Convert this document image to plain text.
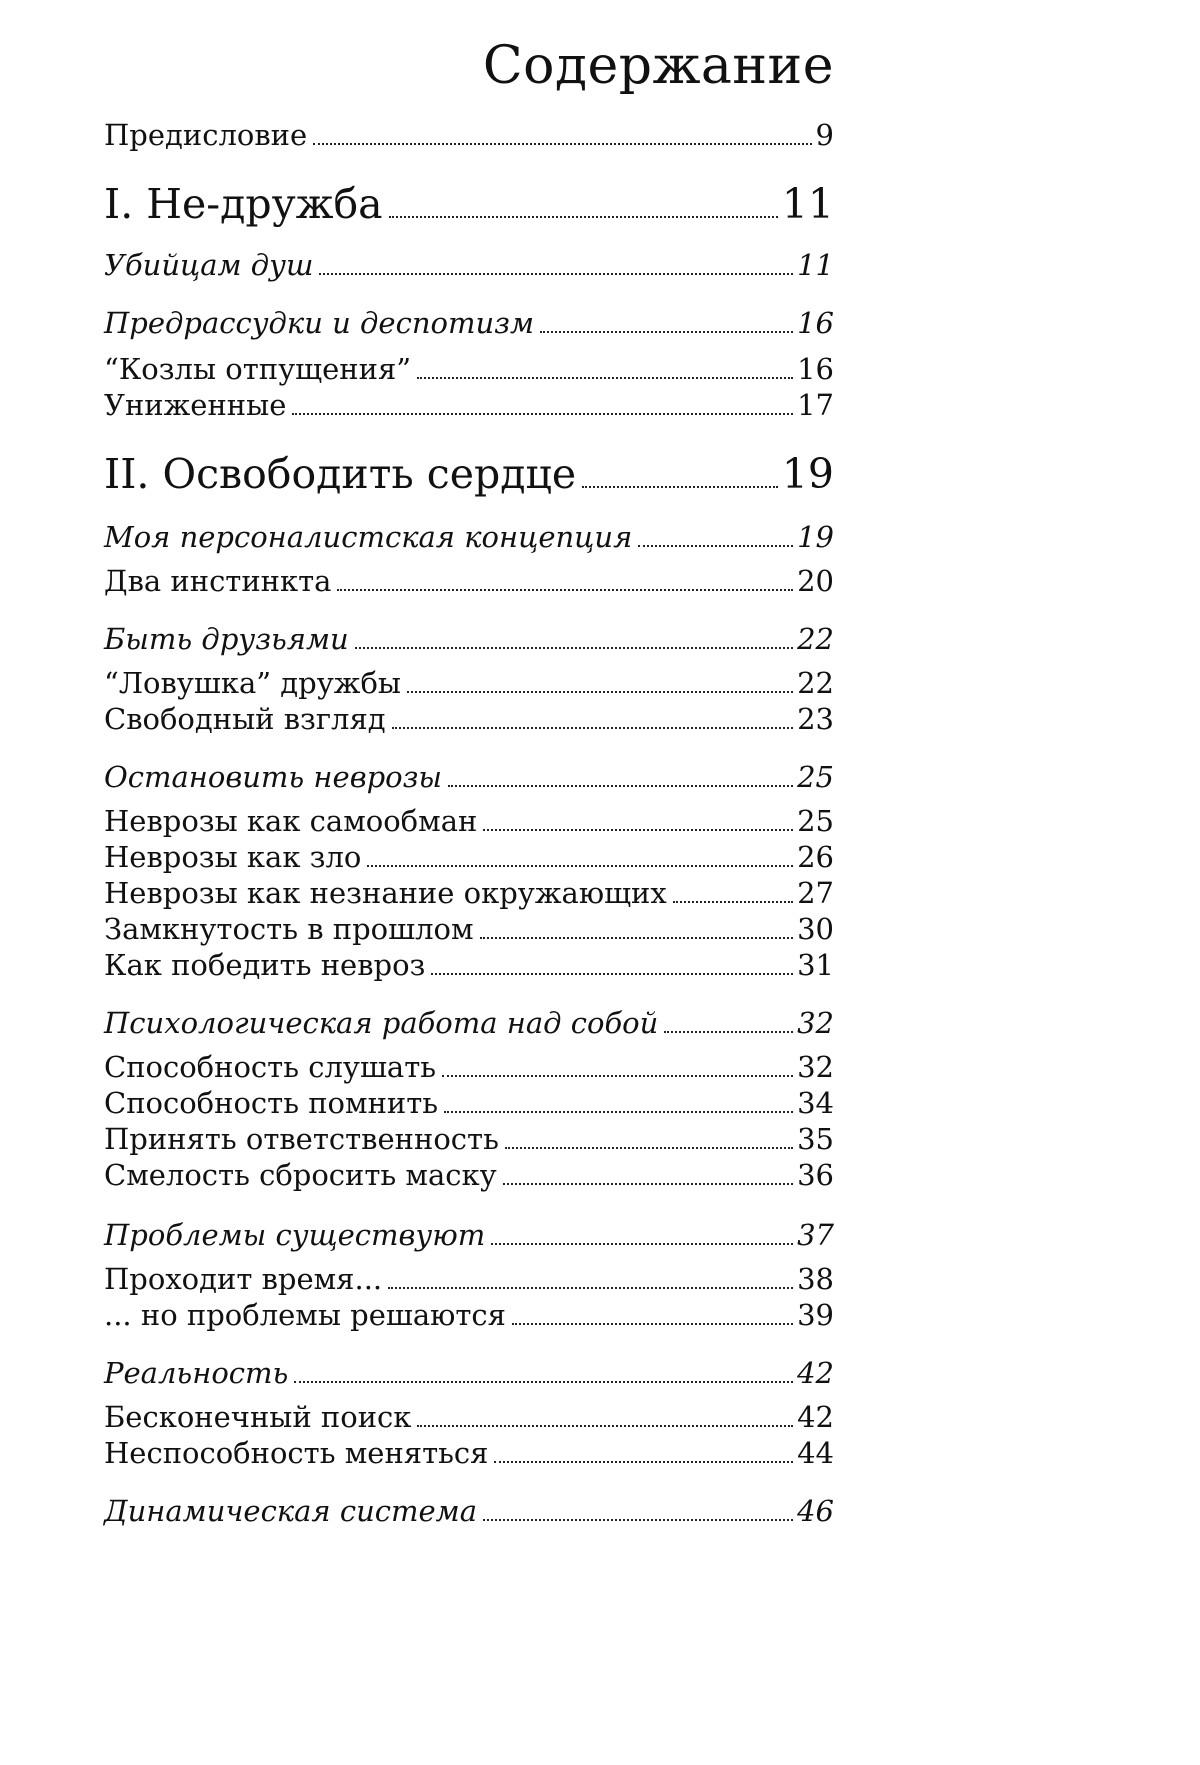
Содержание
Предисловие	9
I. Не-дружба	11
Убийцам душ	11
Предрассудки и деспотизм	16
“Козлы отпущения”	16
Униженные	17
II. Освободить сердце	19
Моя персоналистская концепция	19
Два инстинкта	20
Быть друзьями	22
“Ловушка” дружбы	22
Свободный взгляд	23
Остановить неврозы	25
Неврозы как самообман	25
Неврозы как зло	26
Неврозы как незнание окружающих	27
Замкнутость в прошлом	30
Как победить невроз	31
Психологическая работа над собой	32
Способность слушать	32
Способность помнить	34
Принять ответственность	35
Смелость сбросить маску	36
Проблемы существуют	37
Проходит время...	38
... но проблемы решаются	39
Реальность	42
Бесконечный поиск	42
Неспособность меняться	44
Динамическая система	46
